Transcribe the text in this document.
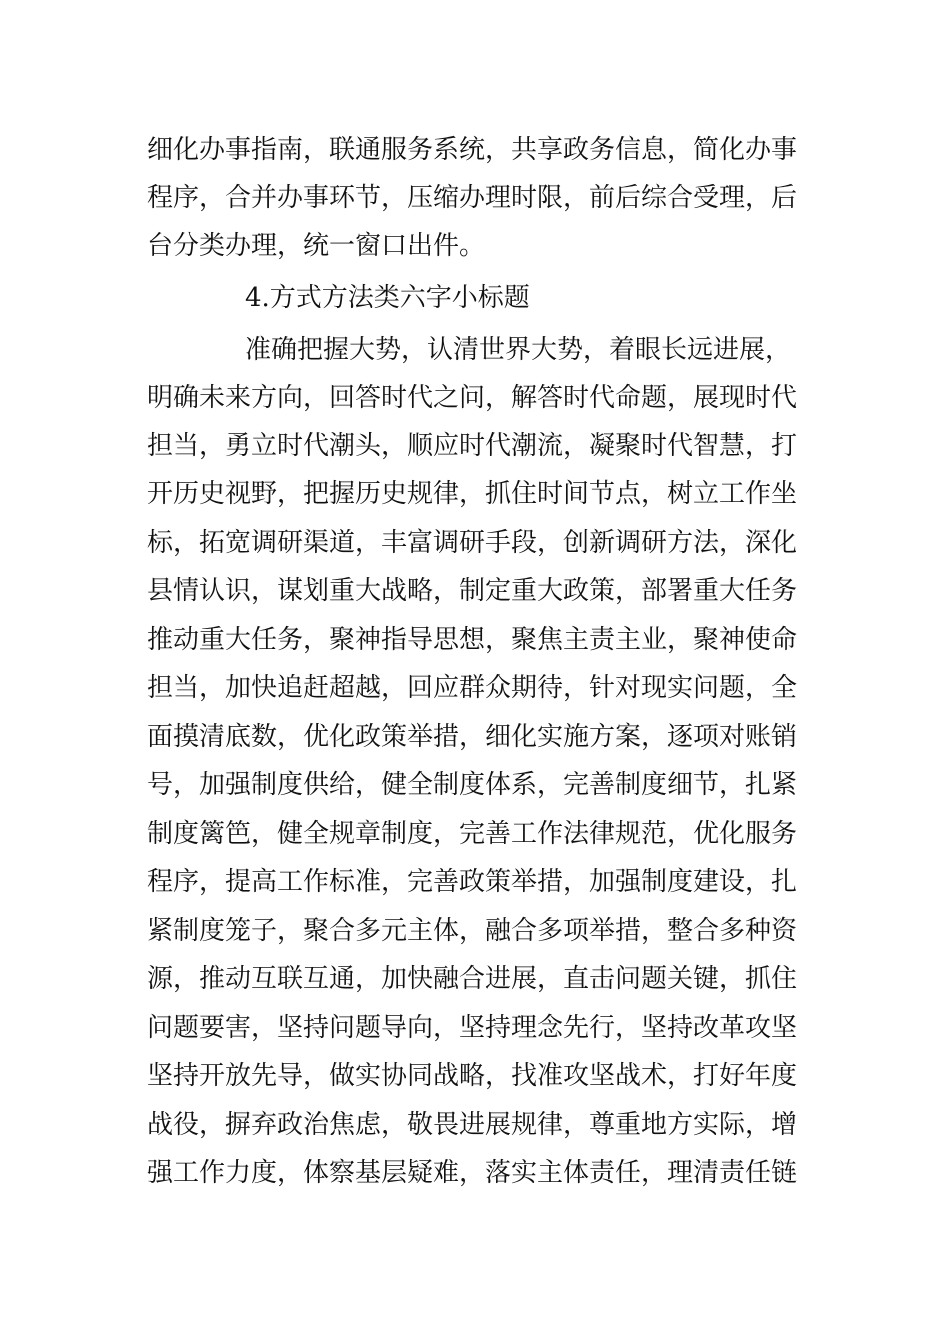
细化办事指南，联通服务系统，共享政务信息，简化办事
程序，合并办事环节，压缩办理时限，前后综合受理，后
台分类办理，统一窗口出件。
4.方式方法类六字小标题
准确把握大势，认清世界大势，着眼长远进展，
明确未来方向，回答时代之问，解答时代命题，展现时代
担当，勇立时代潮头，顺应时代潮流，凝聚时代智慧，打
开历史视野，把握历史规律，抓住时间节点，树立工作坐
标，拓宽调研渠道，丰富调研手段，创新调研方法，深化
县情认识，谋划重大战略，制定重大政策，部署重大任务
推动重大任务，聚神指导思想，聚焦主责主业，聚神使命
担当，加快追赶超越，回应群众期待，针对现实问题，全
面摸清底数，优化政策举措，细化实施方案，逐项对账销
号，加强制度供给，健全制度体系，完善制度细节，扎紧
制度篱笆，健全规章制度，完善工作法律规范，优化服务
程序，提高工作标准，完善政策举措，加强制度建设，扎
紧制度笼子，聚合多元主体，融合多项举措，整合多种资
源，推动互联互通，加快融合进展，直击问题关键，抓住
问题要害，坚持问题导向，坚持理念先行，坚持改革攻坚
坚持开放先导，做实协同战略，找准攻坚战术，打好年度
战役，摒弃政治焦虑，敬畏进展规律，尊重地方实际，增
强工作力度，体察基层疑难，落实主体责任，理清责任链
